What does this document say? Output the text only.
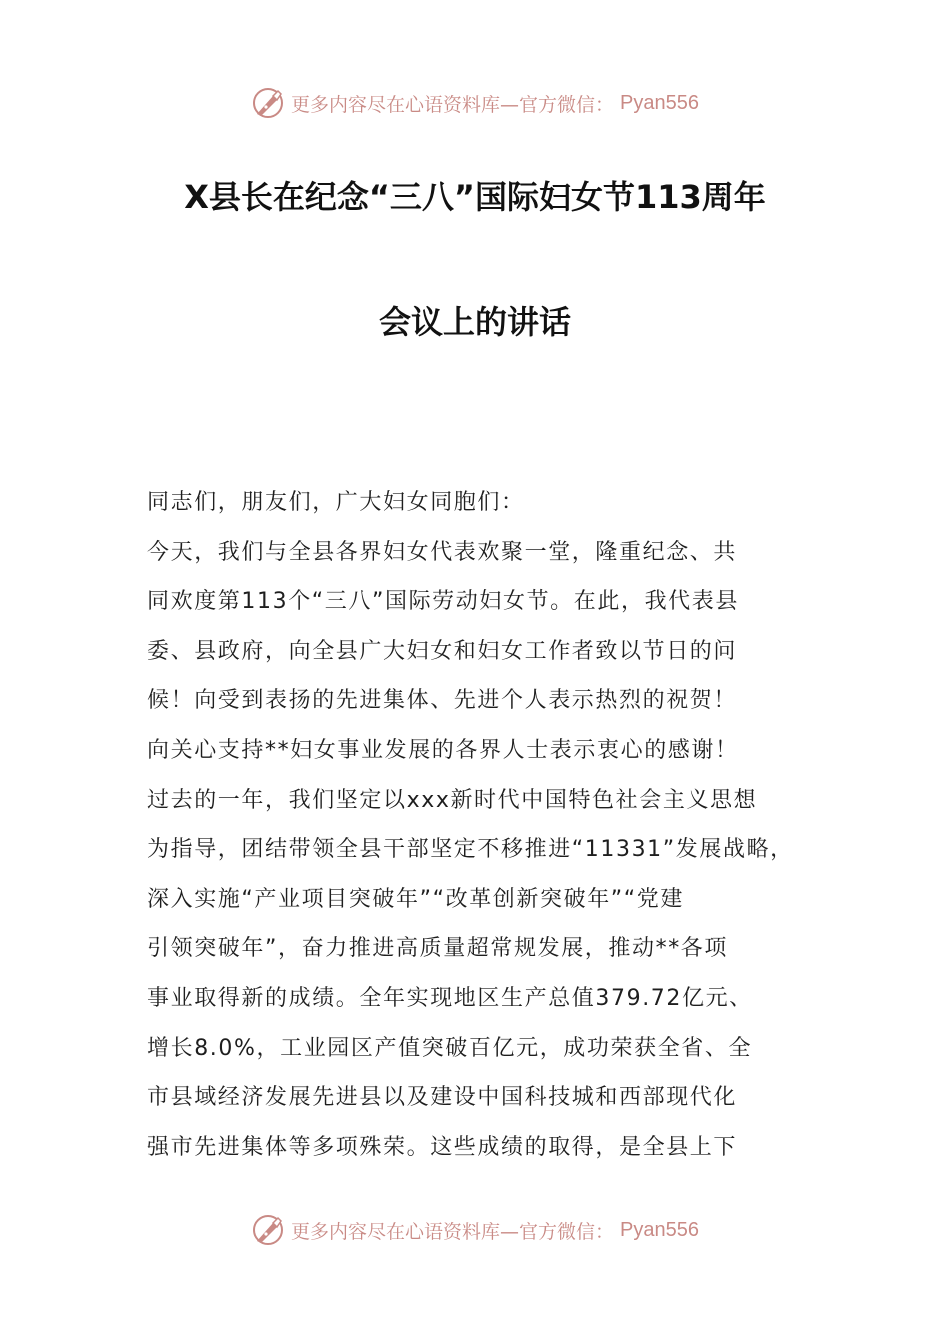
更多内容尽在心语资料库—官方微信： Pyan556
X县长在纪念“三八”国际妇女节113周年
会议上的讲话
同志们，朋友们，广大妇女同胞们：
今天，我们与全县各界妇女代表欢聚一堂，隆重纪念、共
同欢度第113个“三八”国际劳动妇女节。在此，我代表县
委、县政府，向全县广大妇女和妇女工作者致以节日的问
候！向受到表扬的先进集体、先进个人表示热烈的祝贺！
向关心支持**妇女事业发展的各界人士表示衷心的感谢！
过去的一年，我们坚定以xxx新时代中国特色社会主义思想
为指导，团结带领全县干部坚定不移推进“11331”发展战略，
深入实施“产业项目突破年”“改革创新突破年”“党建
引领突破年”，奋力推进高质量超常规发展，推动**各项
事业取得新的成绩。全年实现地区生产总值379.72亿元、
增长8.0%，工业园区产值突破百亿元，成功荣获全省、全
市县域经济发展先进县以及建设中国科技城和西部现代化
强市先进集体等多项殊荣。这些成绩的取得，是全县上下
更多内容尽在心语资料库—官方微信： Pyan556
